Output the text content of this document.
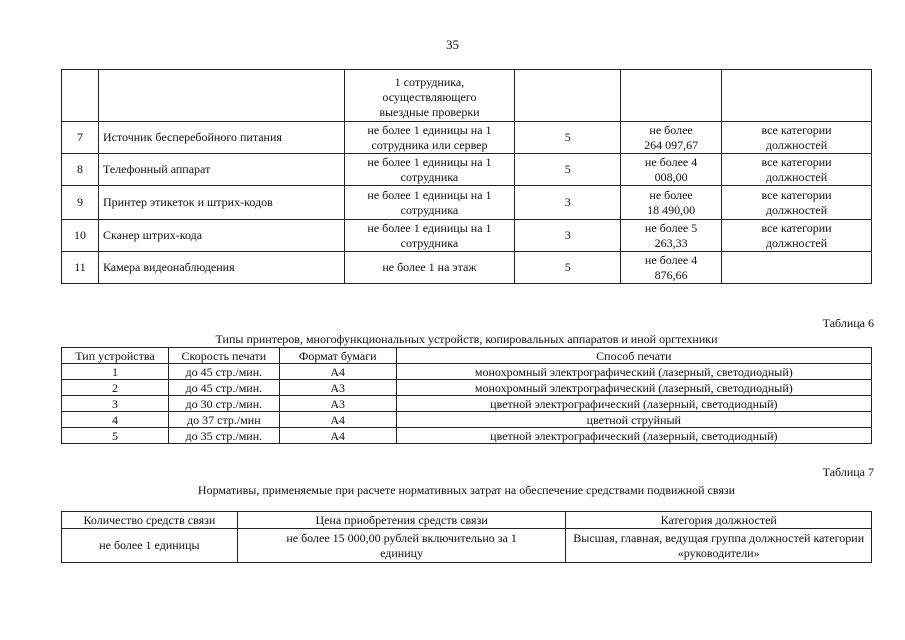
35
		1 сотрудника, осуществляющего выездные проверки			
7	Источник бесперебойного питания	не более 1 единицы на 1 сотрудника или сервер	5	не более 264 097,67	все категории должностей
8	Телефонный аппарат	не более 1 единицы на 1 сотрудника	5	не более 4 008,00	все категории должностей
9	Принтер этикеток и штрих-кодов	не более 1 единицы на 1 сотрудника	3	не более 18 490,00	все категории должностей
10	Сканер штрих-кода	не более 1 единицы на 1 сотрудника	3	не более 5 263,33	все категории должностей
11	Камера видеонаблюдения	не более 1 на этаж	5	не более 4 876,66	
Таблица 6
Типы принтеров, многофункциональных устройств, копировальных аппаратов и иной оргтехники
Тип устройства	Скорость печати	Формат бумаги	Способ печати
1	до 45 стр./мин.	А4	монохромный электрографический (лазерный, светодиодный)
2	до 45 стр./мин.	А3	монохромный электрографический (лазерный, светодиодный)
3	до 30 стр./мин.	А3	цветной электрографический (лазерный, светодиодный)
4	до 37 стр./мин	А4	цветной струйный
5	до 35 стр./мин.	А4	цветной электрографический (лазерный, светодиодный)
Таблица 7
Нормативы, применяемые при расчете нормативных затрат на обеспечение средствами подвижной связи
Количество средств связи	Цена приобретения средств связи	Категория должностей
не более 1 единицы	не более 15 000,00 рублей включительно за 1 единицу	Высшая, главная, ведущая группа должностей категории «руководители»
